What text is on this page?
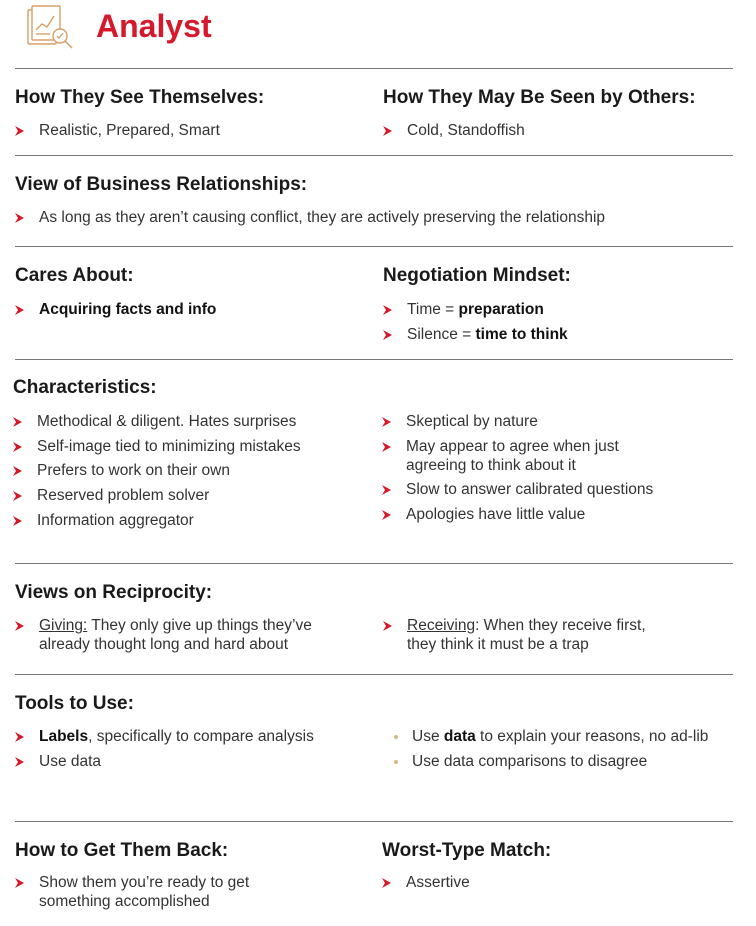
Analyst
How They See Themselves:
Realistic, Prepared, Smart
How They May Be Seen by Others:
Cold, Standoffish
View of Business Relationships:
As long as they aren’t causing conflict, they are actively preserving the relationship
Cares About:
Acquiring facts and info
Negotiation Mindset:
Time = preparation
Silence = time to think
Characteristics:
Methodical & diligent. Hates surprises
Self-image tied to minimizing mistakes
Prefers to work on their own
Reserved problem solver
Information aggregator
Skeptical by nature
May appear to agree when just
agreeing to think about it
Slow to answer calibrated questions
Apologies have little value
Views on Reciprocity:
Giving: They only give up things they’ve
already thought long and hard about
Receiving: When they receive first,
they think it must be a trap
Tools to Use:
Labels, specifically to compare analysis
Use data
Use data to explain your reasons, no ad-lib
Use data comparisons to disagree
How to Get Them Back:
Show them you’re ready to get
something accomplished
Worst-Type Match:
Assertive
